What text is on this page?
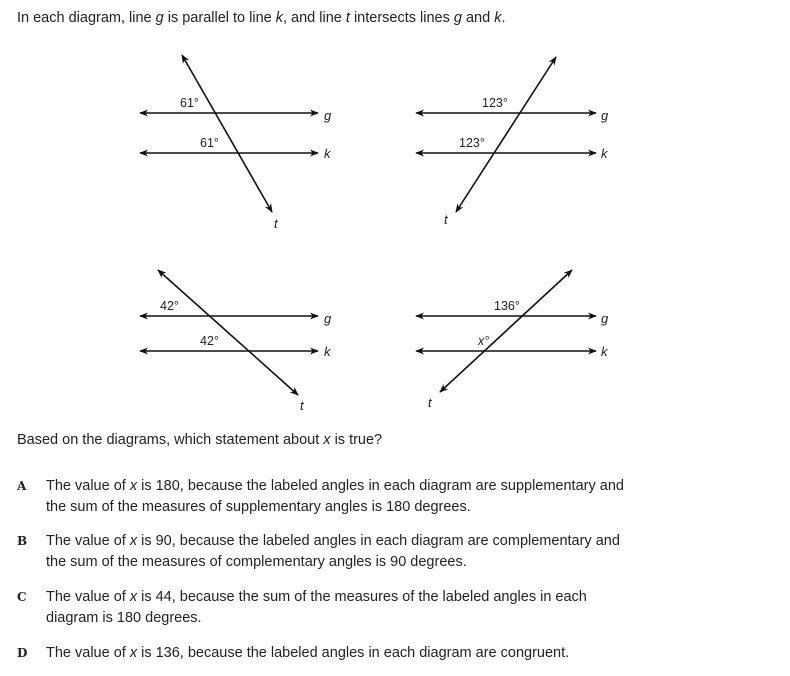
In each diagram, line g is parallel to line k, and line t intersects lines g and k.
61°
61°
g
k
t
123°
123°
g
k
t
42°
42°
g
k
t
136°
x°
g
k
t
Based on the diagrams, which statement about x is true?
A The value of x is 180, because the labeled angles in each diagram are supplementary and
the sum of the measures of supplementary angles is 180 degrees.
B The value of x is 90, because the labeled angles in each diagram are complementary and
the sum of the measures of complementary angles is 90 degrees.
C The value of x is 44, because the sum of the measures of the labeled angles in each
diagram is 180 degrees.
D The value of x is 136, because the labeled angles in each diagram are congruent.
